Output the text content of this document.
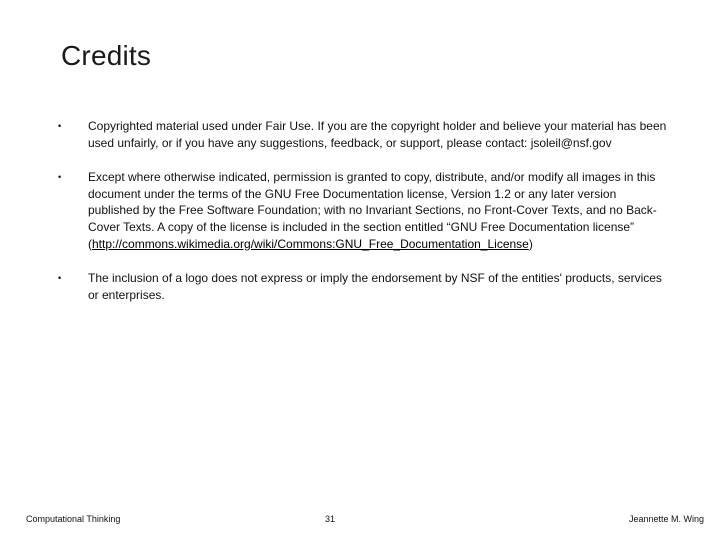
Credits
•	Copyrighted material used under Fair Use. If you are the copyright holder and believe your material has been used unfairly, or if you have any suggestions, feedback, or support, please contact: jsoleil@nsf.gov
•	Except where otherwise indicated, permission is granted to copy, distribute, and/or modify all images in this document under the terms of the GNU Free Documentation license, Version 1.2 or any later version published by the Free Software Foundation; with no Invariant Sections, no Front-Cover Texts, and no Back-Cover Texts. A copy of the license is included in the section entitled “GNU Free Documentation license” (http://commons.wikimedia.org/wiki/Commons:GNU_Free_Documentation_License)
•	The inclusion of a logo does not express or imply the endorsement by NSF of the entities' products, services or enterprises.
Computational Thinking	31	Jeannette M. Wing
